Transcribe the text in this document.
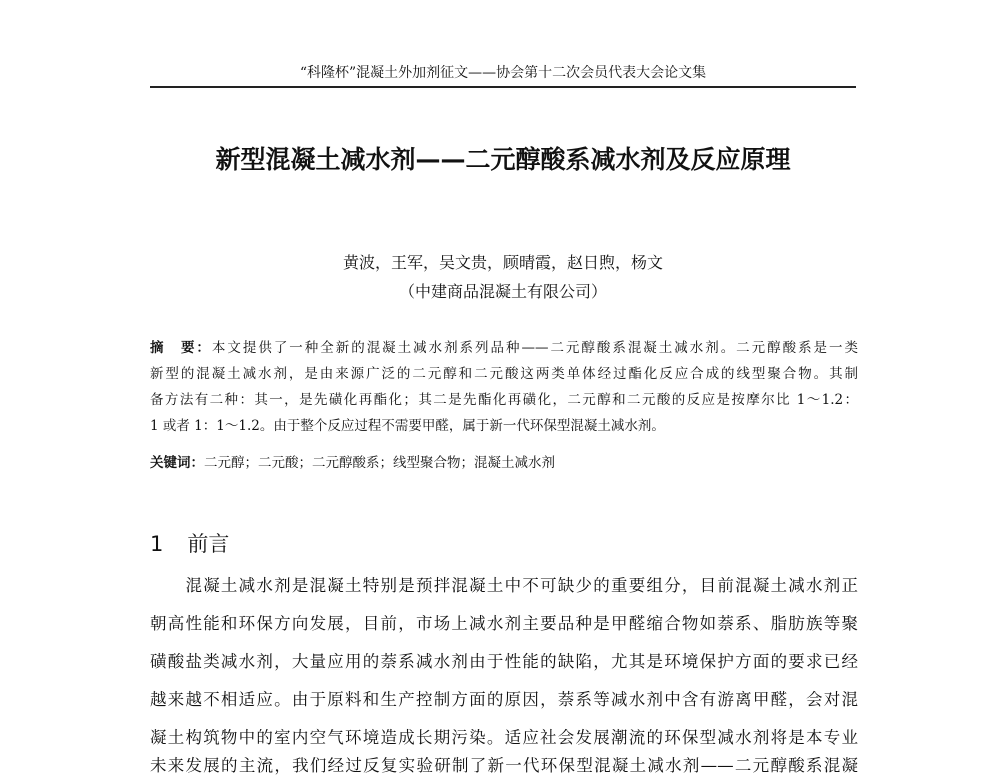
“科隆杯”混凝土外加剂征文——协会第十二次会员代表大会论文集
新型混凝土减水剂——二元醇酸系减水剂及反应原理
黄波，王军，吴文贵，顾晴霞，赵日煦，杨文
（中建商品混凝土有限公司）
摘　要：本文提供了一种全新的混凝土减水剂系列品种——二元醇酸系混凝土减水剂。二元醇酸系是一类
新型的混凝土减水剂，是由来源广泛的二元醇和二元酸这两类单体经过酯化反应合成的线型聚合物。其制
备方法有二种：其一，是先磺化再酯化；其二是先酯化再磺化，二元醇和二元酸的反应是按摩尔比 1～1.2：
1 或者 1：1～1.2。由于整个反应过程不需要甲醛，属于新一代环保型混凝土减水剂。
关键词：二元醇；二元酸；二元醇酸系；线型聚合物；混凝土减水剂
1 前言
　　混凝土减水剂是混凝土特别是预拌混凝土中不可缺少的重要组分，目前混凝土减水剂正
朝高性能和环保方向发展，目前，市场上减水剂主要品种是甲醛缩合物如萘系、脂肪族等聚
磺酸盐类减水剂，大量应用的萘系减水剂由于性能的缺陷，尤其是环境保护方面的要求已经
越来越不相适应。由于原料和生产控制方面的原因，萘系等减水剂中含有游离甲醛，会对混
凝土构筑物中的室内空气环境造成长期污染。适应社会发展潮流的环保型减水剂将是本专业
未来发展的主流，我们经过反复实验研制了新一代环保型混凝土减水剂——二元醇酸系混凝
